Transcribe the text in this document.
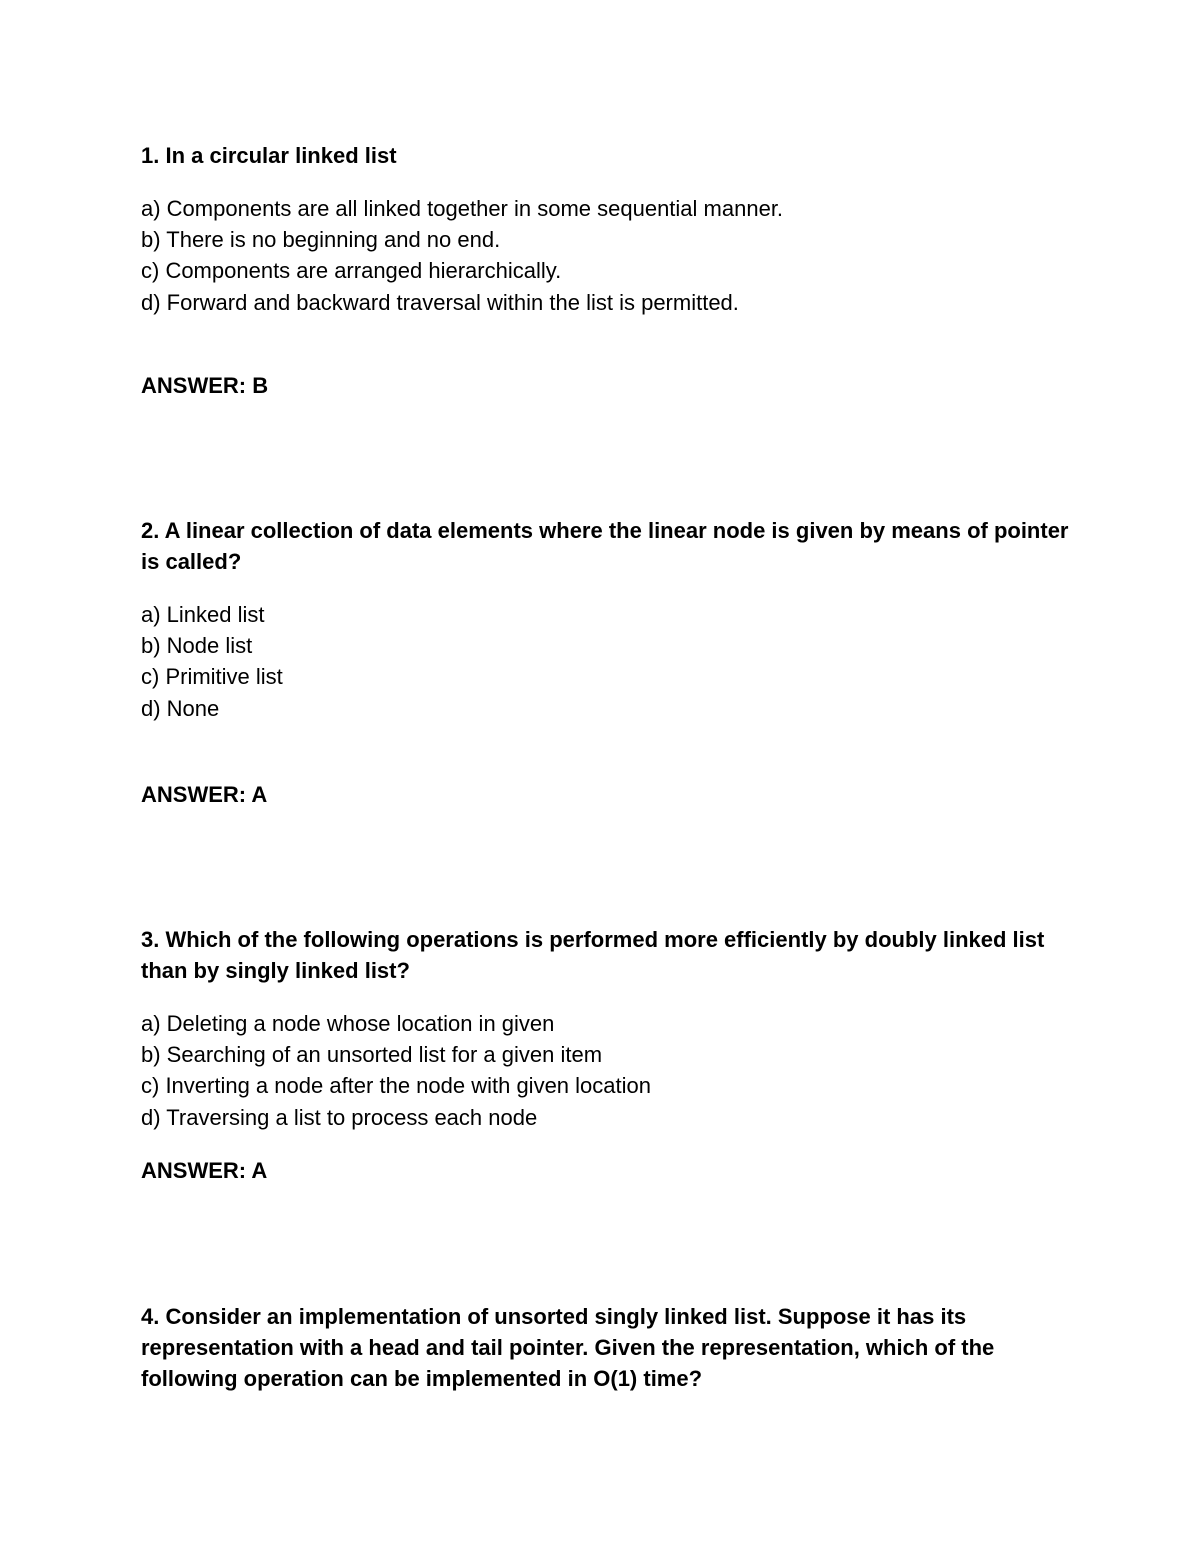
1. In a circular linked list

a) Components are all linked together in some sequential manner.
b) There is no beginning and no end.
c) Components are arranged hierarchically.
d) Forward and backward traversal within the list is permitted.
ANSWER: B

2. A linear collection of data elements where the linear node is given by means of pointer is called?

a) Linked list
b) Node list
c) Primitive list
d) None
ANSWER: A

3. Which of the following operations is performed more efficiently by doubly linked list than by singly linked list?

a) Deleting a node whose location in given
b) Searching of an unsorted list for a given item
c) Inverting a node after the node with given location
d) Traversing a list to process each node
ANSWER: A

4. Consider an implementation of unsorted singly linked list. Suppose it has its representation with a head and tail pointer. Given the representation, which of the following operation can be implemented in O(1) time?
